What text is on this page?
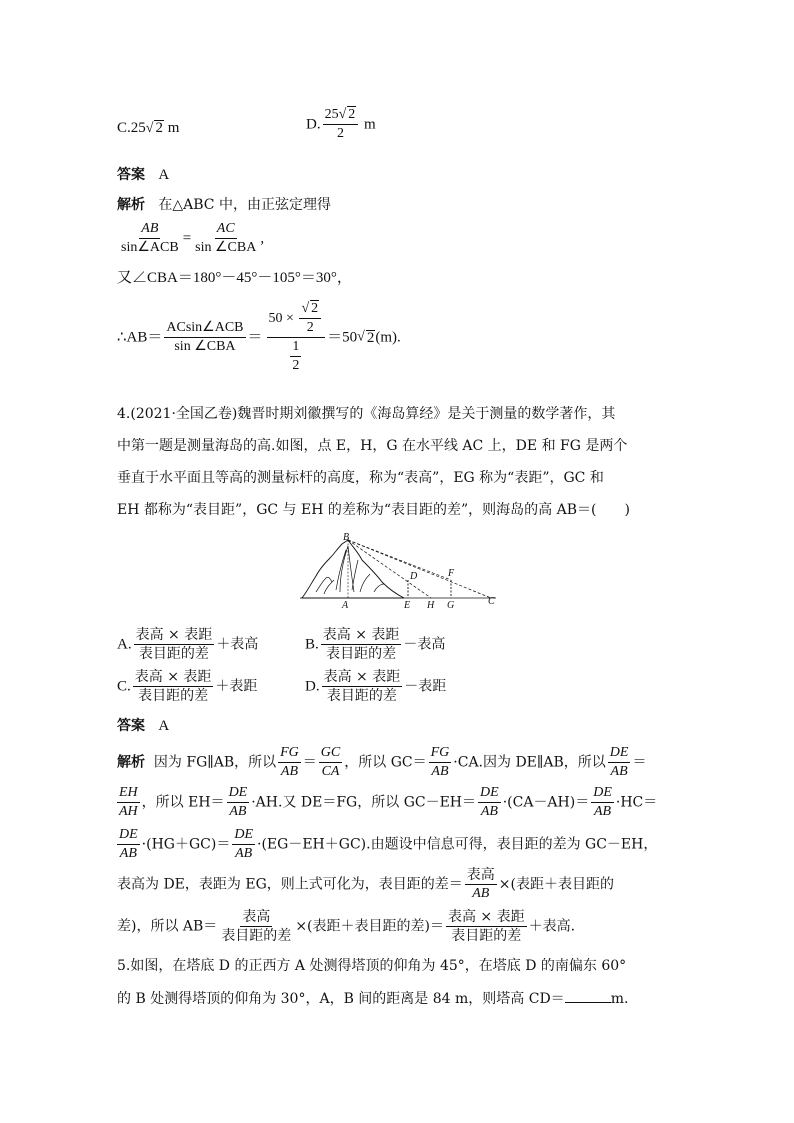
C.25√ 2 m	D. $\frac{25√ 2}{2}$ m
答案 A
解析 在△ABC 中，由正弦定理得
$\frac{AB}{\text{sin∠ACB}} = \frac{AC}{\text{sin ∠CBA}}$ ,
又∠CBA＝180°－45°－105°＝30°，
∴AB＝ $\frac{\text{ACsin∠ACB}}{\text{sin ∠CBA}} = 50$ ×
$\frac{√ 2}{2}$
$\frac{1}{2} =50√$ 2(m).
4.(2021·全国乙卷)魏晋时期刘徽撰写的《海岛算经》是关于测量的数学著作，其
中第一题是测量海岛的高.如图，点 E，H，G 在水平线 AC 上，DE 和 FG 是两个
垂直于水平面且等高的测量标杆的高度，称为“表高”，EG 称为“表距”，GC 和
EH 都称为“表目距”，GC 与 EH 的差称为“表目距的差”，则海岛的高 AB＝(　　)
B
D	F
A	E H G	C
A. $\frac{\text{表高 × 表距}}{\text{表目距的差}}$ ＋表高	B. $\frac{\text{表高 × 表距}}{\text{表目距的差}}$ －表高
C. $\frac{\text{表高 × 表距}}{\text{表目距的差}}$ ＋表距	D. $\frac{\text{表高 × 表距}}{\text{表目距的差}}$ －表距
答案 A
解析 因为 FG∥AB，所以 $\frac{FG}{AB} = \frac{GC}{CA}$ ，所以 $GC= \frac{FG}{AB} \cdot CA$.因为 DE∥AB，所以 $\frac{DE}{AB}$ ＝
$\frac{EH}{AH}$ ，所以 $EH= \frac{DE}{AB} \cdot AH$.又 DE＝FG，所以 $GC-EH= \frac{DE}{AB} \cdot(CA-AH)= \frac{DE}{AB} \cdot HC=$
$\frac{DE}{AB} \cdot(HG+GC)= \frac{DE}{AB} \cdot(EG-EH+GC)$.由题设中信息可得，表目距的差为 GC－EH，
表高为 DE，表距为 EG，则上式可化为，表目距的差＝ $\frac{\text{表高}}{AB}$ ×(表距＋表目距的
差)，所以 $AB= \frac{\text{表高}}{\text{表目距的差}}$ ×(表距＋表目距的差)＝ $\frac{\text{表高 × 表距}}{\text{表目距的差}}$ ＋表高.
5.如图，在塔底 D 的正西方 A 处测得塔顶的仰角为 45°，在塔底 D 的南偏东 60°
的 B 处测得塔顶的仰角为 30°，A，B 间的距离是 84 m，则塔高 CD＝	m.
